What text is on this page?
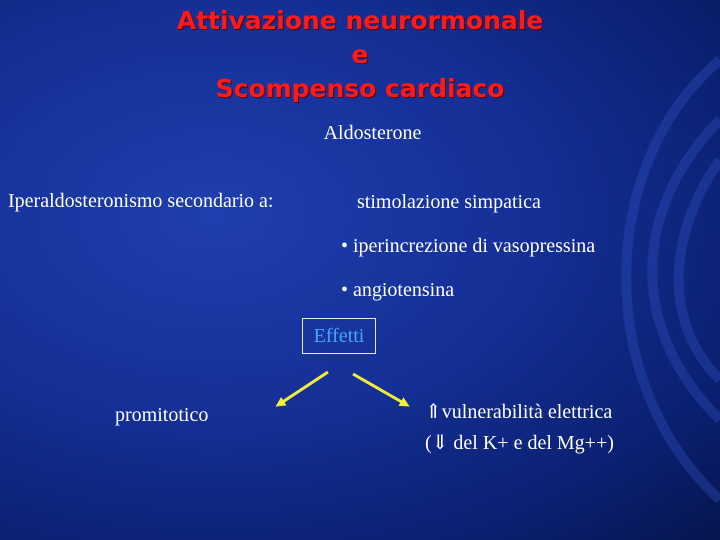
Attivazione neurormonale
e
Scompenso cardiaco
Aldosterone
Iperaldosteronismo secondario a:	stimolazione simpatica
• iperincrezione di vasopressina
• angiotensina
Effetti
promitotico	⇑vulnerabilità elettrica
(⇓ del K+ e del Mg++)
